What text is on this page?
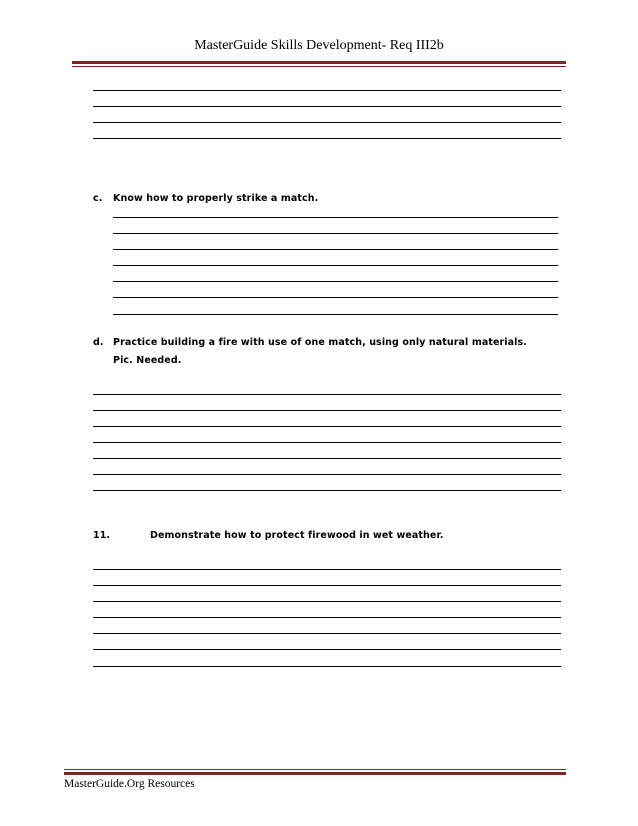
MasterGuide Skills Development- Req III2b
c. Know how to properly strike a match.
d. Practice building a fire with use of one match, using only natural materials.
Pic. Needed.
11.	Demonstrate how to protect firewood in wet weather.
MasterGuide.Org Resources
